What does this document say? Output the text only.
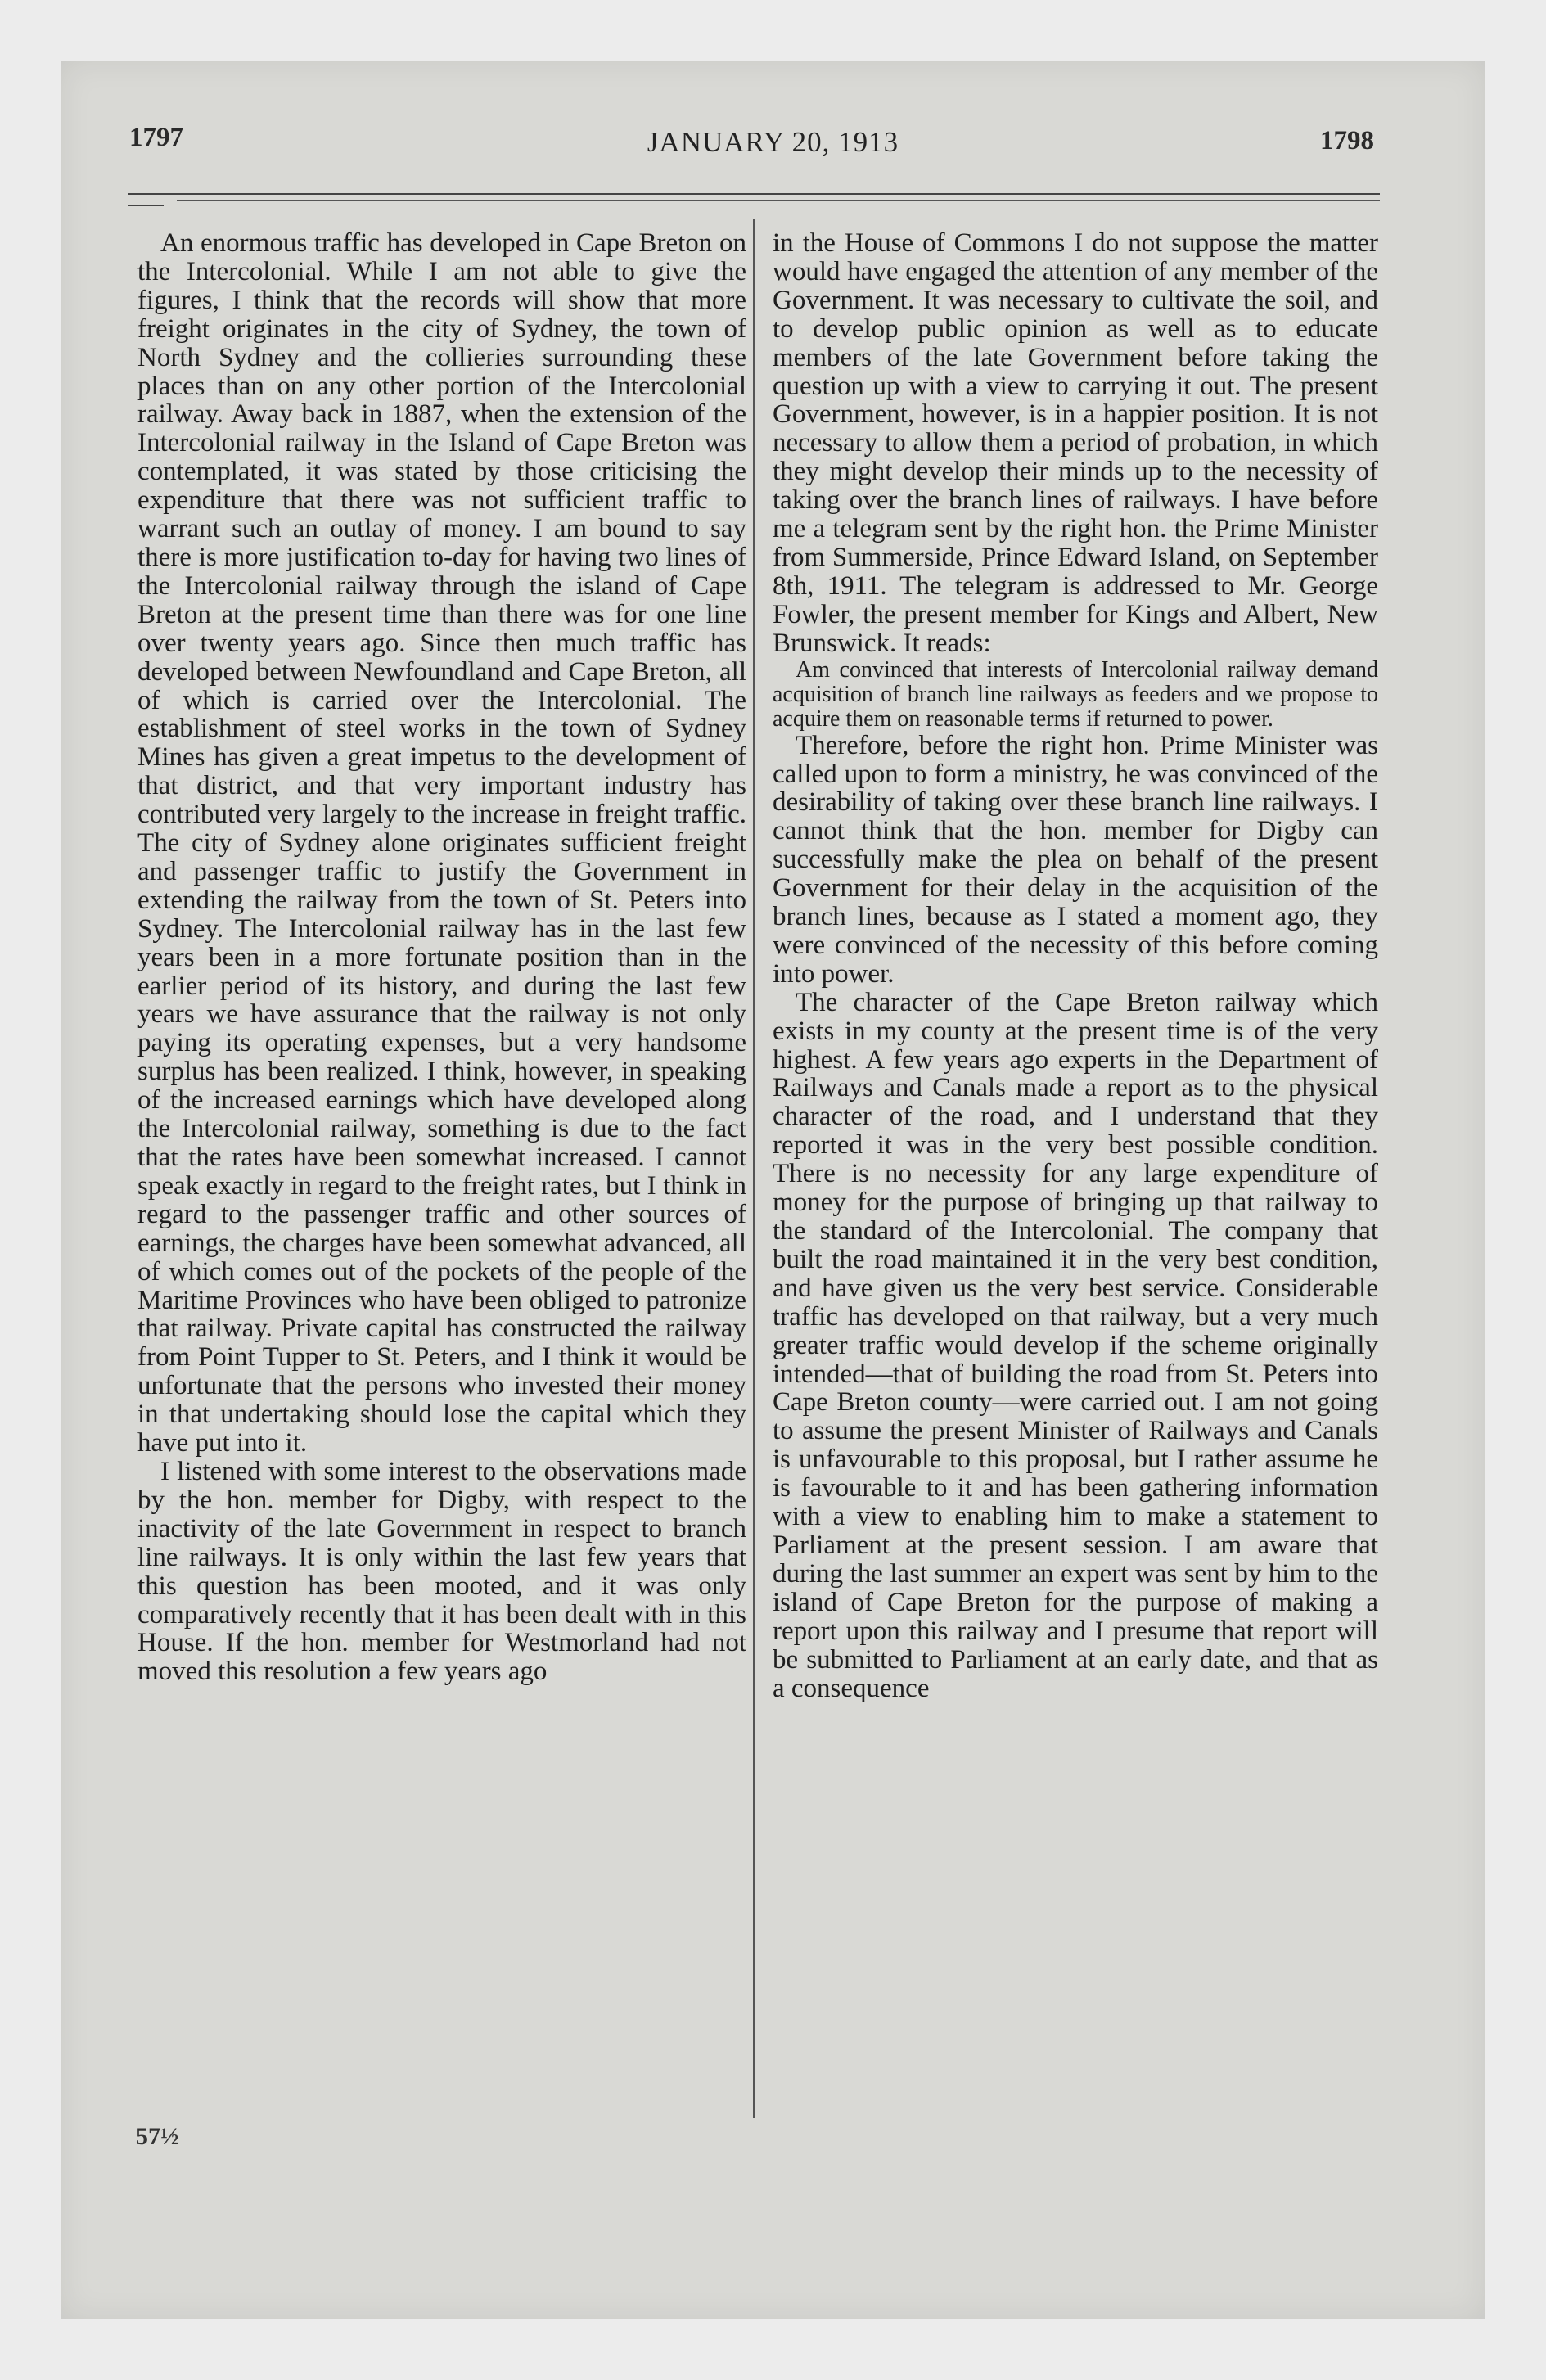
1797	JANUARY 20, 1913	1798

An enormous traffic has developed in Cape Breton on the Intercolonial. While I am not able to give the figures, I think that the records will show that more freight originates in the city of Sydney, the town of North Sydney and the collieries surrounding these places than on any other portion of the Intercolonial railway. Away back in 1887, when the extension of the Intercolonial railway in the Island of Cape Breton was contemplated, it was stated by those criticising the expenditure that there was not sufficient traffic to warrant such an outlay of money. I am bound to say there is more justification to-day for having two lines of the Intercolonial railway through the island of Cape Breton at the present time than there was for one line over twenty years ago. Since then much traffic has developed between Newfoundland and Cape Breton, all of which is carried over the Intercolonial. The establishment of steel works in the town of Sydney Mines has given a great impetus to the development of that district, and that very important industry has contributed very largely to the increase in freight traffic. The city of Sydney alone originates sufficient freight and passenger traffic to justify the Government in extending the railway from the town of St. Peters into Sydney. The Intercolonial railway has in the last few years been in a more fortunate position than in the earlier period of its history, and during the last few years we have assurance that the railway is not only paying its operating expenses, but a very handsome surplus has been realized. I think, however, in speaking of the increased earnings which have developed along the Intercolonial railway, something is due to the fact that the rates have been somewhat increased. I cannot speak exactly in regard to the freight rates, but I think in regard to the passenger traffic and other sources of earnings, the charges have been somewhat advanced, all of which comes out of the pockets of the people of the Maritime Provinces who have been obliged to patronize that railway. Private capital has constructed the railway from Point Tupper to St. Peters, and I think it would be unfortunate that the persons who invested their money in that undertaking should lose the capital which they have put into it.

I listened with some interest to the observations made by the hon. member for Digby, with respect to the inactivity of the late Government in respect to branch line railways. It is only within the last few years that this question has been mooted, and it was only comparatively recently that it has been dealt with in this House. If the hon. member for Westmorland had not moved this resolution a few years ago

in the House of Commons I do not suppose the matter would have engaged the attention of any member of the Government. It was necessary to cultivate the soil, and to develop public opinion as well as to educate members of the late Government before taking the question up with a view to carrying it out. The present Government, however, is in a happier position. It is not necessary to allow them a period of probation, in which they might develop their minds up to the necessity of taking over the branch lines of railways. I have before me a telegram sent by the right hon. the Prime Minister from Summerside, Prince Edward Island, on September 8th, 1911. The telegram is addressed to Mr. George Fowler, the present member for Kings and Albert, New Brunswick. It reads:

Am convinced that interests of Intercolonial railway demand acquisition of branch line railways as feeders and we propose to acquire them on reasonable terms if returned to power.

Therefore, before the right hon. Prime Minister was called upon to form a ministry, he was convinced of the desirability of taking over these branch line railways. I cannot think that the hon. member for Digby can successfully make the plea on behalf of the present Government for their delay in the acquisition of the branch lines, because as I stated a moment ago, they were convinced of the necessity of this before coming into power.

The character of the Cape Breton railway which exists in my county at the present time is of the very highest. A few years ago experts in the Department of Railways and Canals made a report as to the physical character of the road, and I understand that they reported it was in the very best possible condition. There is no necessity for any large expenditure of money for the purpose of bringing up that railway to the standard of the Intercolonial. The company that built the road maintained it in the very best condition, and have given us the very best service. Considerable traffic has developed on that railway, but a very much greater traffic would develop if the scheme originally intended—that of building the road from St. Peters into Cape Breton county—were carried out. I am not going to assume the present Minister of Railways and Canals is unfavourable to this proposal, but I rather assume he is favourable to it and has been gathering information with a view to enabling him to make a statement to Parliament at the present session. I am aware that during the last summer an expert was sent by him to the island of Cape Breton for the purpose of making a report upon this railway and I presume that report will be submitted to Parliament at an early date, and that as a consequence

57½
